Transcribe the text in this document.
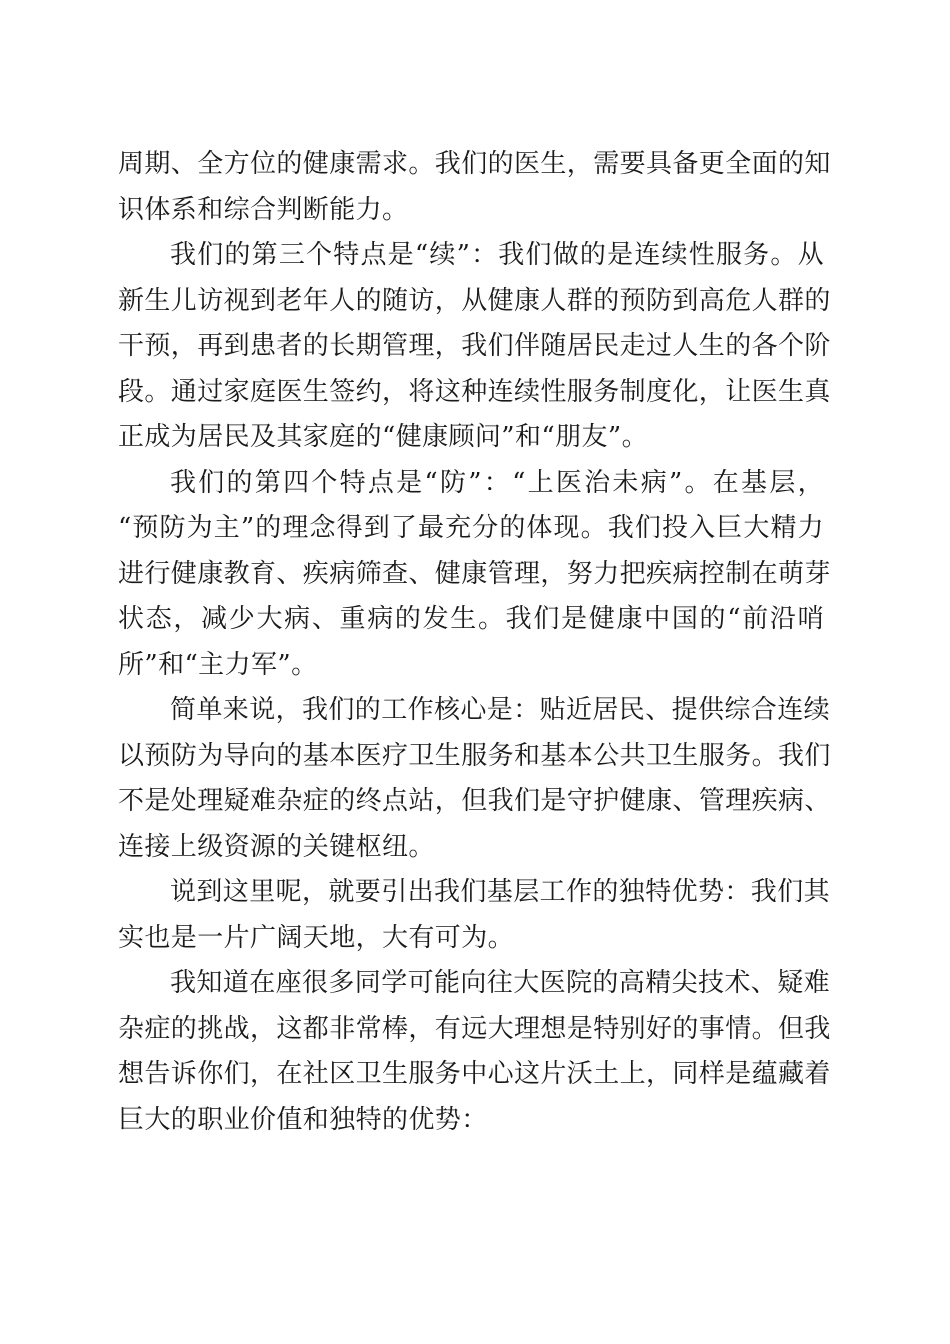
周期、全方位的健康需求。我们的医生，需要具备更全面的知
识体系和综合判断能力。
我们的第三个特点是“续”：我们做的是连续性服务。从
新生儿访视到老年人的随访，从健康人群的预防到高危人群的
干预，再到患者的长期管理，我们伴随居民走过人生的各个阶
段。通过家庭医生签约，将这种连续性服务制度化，让医生真
正成为居民及其家庭的“健康顾问”和“朋友”。
我们的第四个特点是“防”：“上医治未病”。在基层，
“预防为主”的理念得到了最充分的体现。我们投入巨大精力
进行健康教育、疾病筛查、健康管理，努力把疾病控制在萌芽
状态，减少大病、重病的发生。我们是健康中国的“前沿哨
所”和“主力军”。
简单来说，我们的工作核心是：贴近居民、提供综合连续
以预防为导向的基本医疗卫生服务和基本公共卫生服务。我们
不是处理疑难杂症的终点站，但我们是守护健康、管理疾病、
连接上级资源的关键枢纽。
说到这里呢，就要引出我们基层工作的独特优势：我们其
实也是一片广阔天地，大有可为。
我知道在座很多同学可能向往大医院的高精尖技术、疑难
杂症的挑战，这都非常棒，有远大理想是特别好的事情。但我
想告诉你们，在社区卫生服务中心这片沃土上，同样是蕴藏着
巨大的职业价值和独特的优势：
